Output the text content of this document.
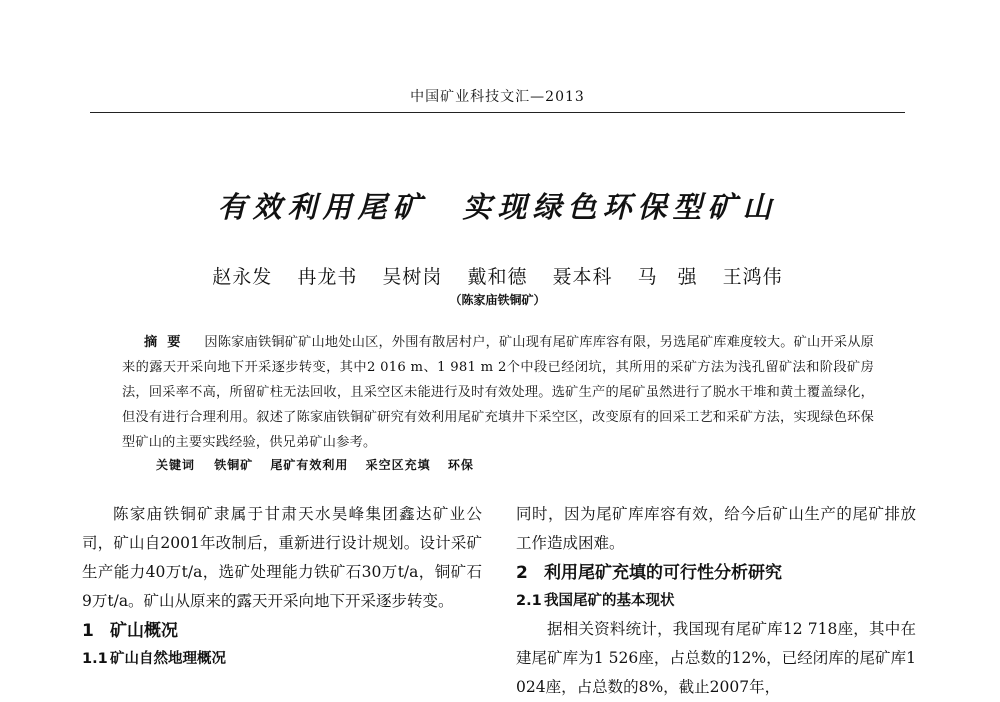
中国矿业科技文汇—2013
有效利用尾矿　实现绿色环保型矿山
赵永发 冉龙书 吴树岗 戴和德 聂本科 马　强 王鸿伟
（陈家庙铁铜矿）
摘要 因陈家庙铁铜矿矿山地处山区，外围有散居村户，矿山现有尾矿库库容有限，另选尾矿库难度较大。矿山开采从原来的露天开采向地下开采逐步转变，其中2 016 m、1 981 m 2个中段已经闭坑，其所用的采矿方法为浅孔留矿法和阶段矿房法，回采率不高，所留矿柱无法回收，且采空区未能进行及时有效处理。选矿生产的尾矿虽然进行了脱水干堆和黄土覆盖绿化，但没有进行合理利用。叙述了陈家庙铁铜矿研究有效利用尾矿充填井下采空区，改变原有的回采工艺和采矿方法，实现绿色环保型矿山的主要实践经验，供兄弟矿山参考。
关键词 铁铜矿 尾矿有效利用 采空区充填 环保

陈家庙铁铜矿隶属于甘肃天水昊峰集团鑫达矿业公司，矿山自2001年改制后，重新进行设计规划。设计采矿生产能力40万t/a，选矿处理能力铁矿石30万t/a，铜矿石9万t/a。矿山从原来的露天开采向地下开采逐步转变。

1 矿山概况

1.1 矿山自然地理概况

同时，因为尾矿库库容有效，给今后矿山生产的尾矿排放工作造成困难。

2 利用尾矿充填的可行性分析研究

2.1 我国尾矿的基本现状

据相关资料统计，我国现有尾矿库12 718座，其中在建尾矿库为1 526座，占总数的12%，已经闭库的尾矿库1 024座，占总数的8%，截止2007年，
